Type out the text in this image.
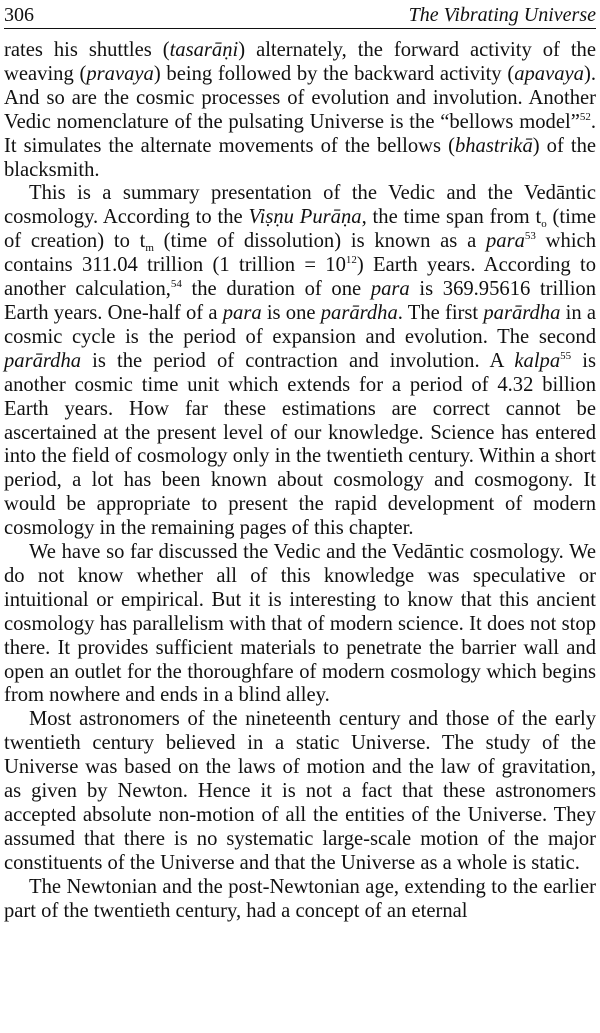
306	The Vibrating Universe

rates his shuttles (tasarāṇi) alternately, the forward activity of the weaving (pravaya) being followed by the backward activity (apavaya). And so are the cosmic processes of evolution and involution. Another Vedic nomenclature of the pulsating Universe is the “bellows model”$^{52}$. It simulates the alternate movements of the bellows (bhastrikā) of the blacksmith.

This is a summary presentation of the Vedic and the Vedāntic cosmology. According to the Viṣṇu Purāṇa, the time span from $t_o$ (time of creation) to $t_m$ (time of dissolution) is known as a para$^{53}$ which contains 311.04 trillion (1 trillion = $10^{12}$) Earth years. According to another calculation,$^{54}$ the duration of one para is 369.95616 trillion Earth years. One-half of a para is one parārdha. The first parārdha in a cosmic cycle is the period of expansion and evolution. The second parārdha is the period of contraction and involution. A kalpa$^{55}$ is another cosmic time unit which extends for a period of 4.32 billion Earth years. How far these estimations are correct cannot be ascertained at the present level of our knowledge. Science has entered into the field of cosmology only in the twentieth century. Within a short period, a lot has been known about cosmology and cosmogony. It would be appropriate to present the rapid development of modern cosmology in the remaining pages of this chapter.

We have so far discussed the Vedic and the Vedāntic cosmology. We do not know whether all of this knowledge was speculative or intuitional or empirical. But it is interesting to know that this ancient cosmology has parallelism with that of modern science. It does not stop there. It provides sufficient materials to penetrate the barrier wall and open an outlet for the thoroughfare of modern cosmology which begins from nowhere and ends in a blind alley.

Most astronomers of the nineteenth century and those of the early twentieth century believed in a static Universe. The study of the Universe was based on the laws of motion and the law of gravitation, as given by Newton. Hence it is not a fact that these astronomers accepted absolute non-motion of all the entities of the Universe. They assumed that there is no systematic large-scale motion of the major constituents of the Universe and that the Universe as a whole is static.

The Newtonian and the post-Newtonian age, extending to the earlier part of the twentieth century, had a concept of an eternal
